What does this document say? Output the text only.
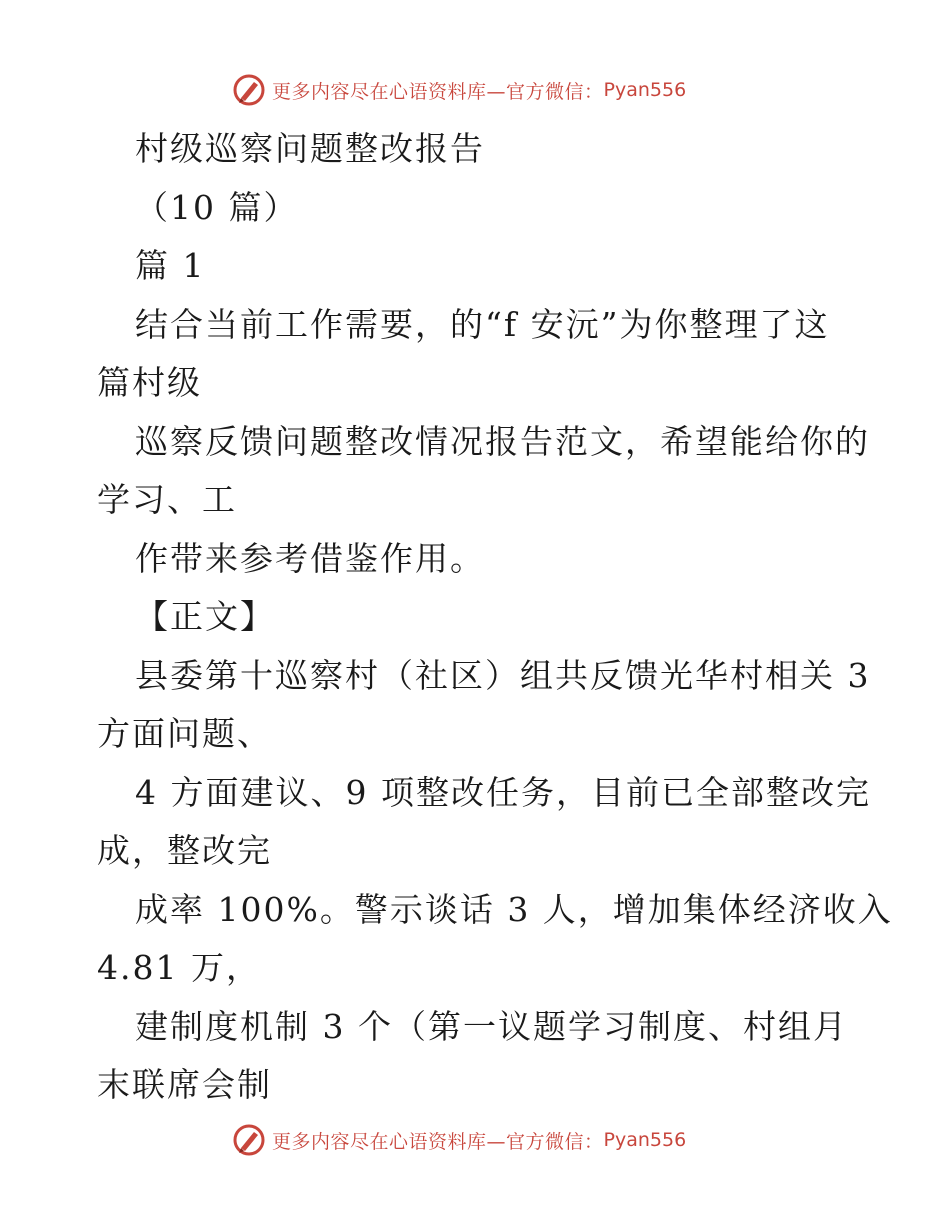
更多内容尽在心语资料库—官方微信： Pyan556
村级巡察问题整改报告
（10 篇）
篇 1
结合当前工作需要，的“f 安沅”为你整理了这
篇村级
巡察反馈问题整改情况报告范文，希望能给你的
学习、工
作带来参考借鉴作用。
【正文】
县委第十巡察村（社区）组共反馈光华村相关 3
方面问题、
4 方面建议、9 项整改任务，目前已全部整改完
成，整改完
成率 100%。警示谈话 3 人，增加集体经济收入
4.81 万，
建制度机制 3 个（第一议题学习制度、村组月
末联席会制
更多内容尽在心语资料库—官方微信： Pyan556
